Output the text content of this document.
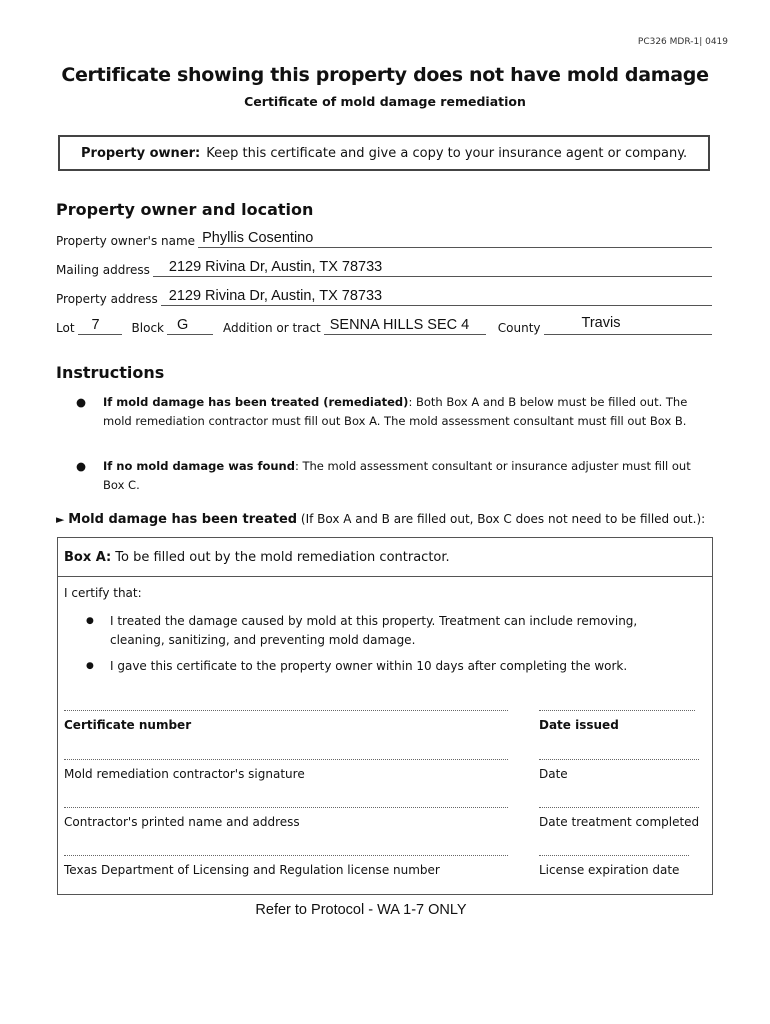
PC326 MDR-1| 0419
Certificate showing this property does not have mold damage
Certificate of mold damage remediation
Property owner: Keep this certificate and give a copy to your insurance agent or company.
Property owner and location
Property owner's name Phyllis Cosentino
Mailing address 2129 Rivina Dr, Austin, TX 78733
Property address 2129 Rivina Dr, Austin, TX 78733
Lot 7	Block G	Addition or tract SENNA HILLS SEC 4 County	Travis
Instructions
● If mold damage has been treated (remediated): Both Box A and B below must be filled out. The mold remediation contractor must fill out Box A. The mold assessment consultant must fill out Box B.
● If no mold damage was found: The mold assessment consultant or insurance adjuster must fill out Box C.
► Mold damage has been treated (If Box A and B are filled out, Box C does not need to be filled out.):
Box A: To be filled out by the mold remediation contractor.
I certify that:
● I treated the damage caused by mold at this property. Treatment can include removing, cleaning, sanitizing, and preventing mold damage.
● I gave this certificate to the property owner within 10 days after completing the work.
Certificate number	Date issued
Mold remediation contractor's signature	Date
Contractor's printed name and address	Date treatment completed
Texas Department of Licensing and Regulation license number	License expiration date
Refer to Protocol - WA 1-7 ONLY
